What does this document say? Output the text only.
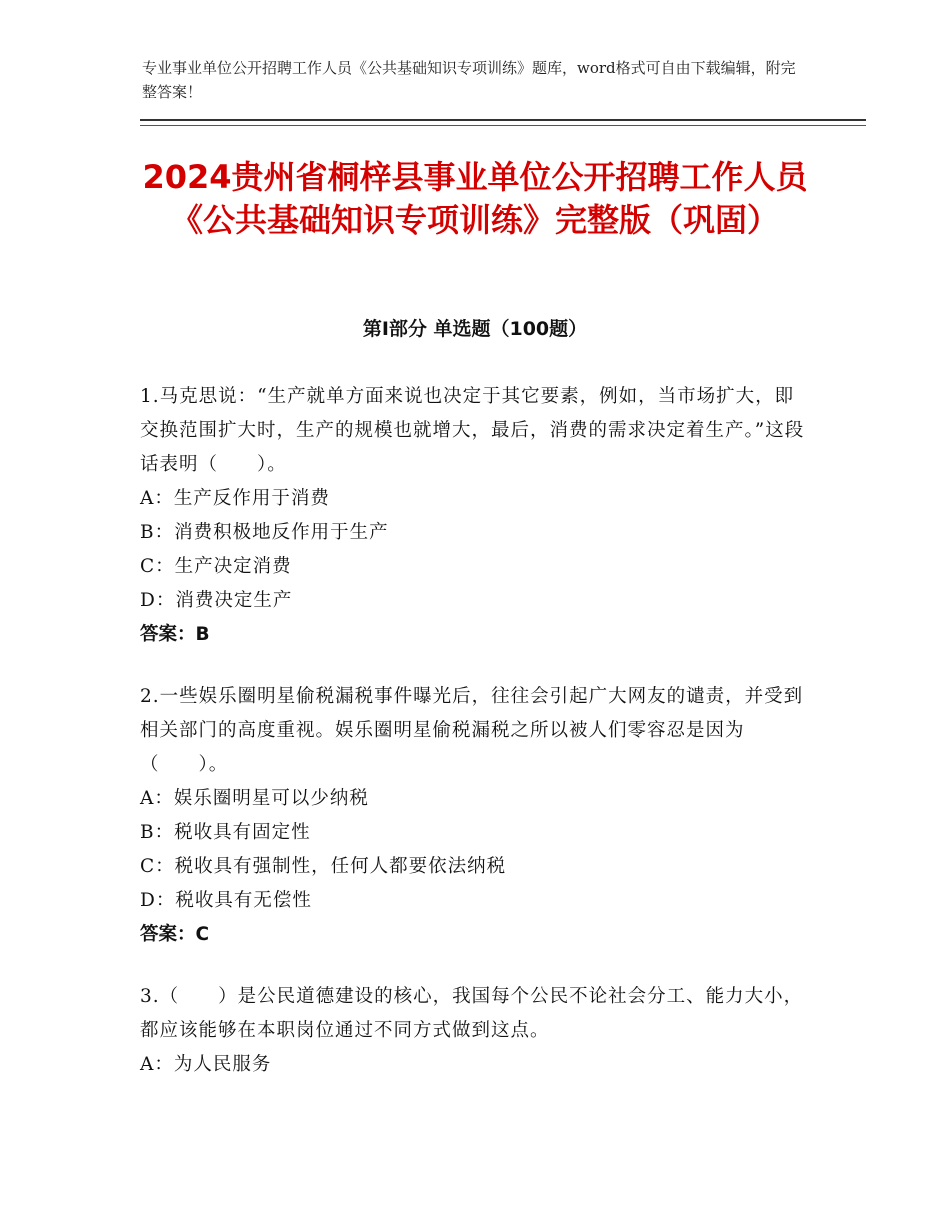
专业事业单位公开招聘工作人员《公共基础知识专项训练》题库，word格式可自由下载编辑，附完整答案！
2024贵州省桐梓县事业单位公开招聘工作人员《公共基础知识专项训练》完整版（巩固）
第Ⅰ部分 单选题（100题）
1.马克思说：“生产就单方面来说也决定于其它要素，例如，当市场扩大，即交换范围扩大时，生产的规模也就增大，最后，消费的需求决定着生产。”这段话表明（　　）。
A：生产反作用于消费
B：消费积极地反作用于生产
C：生产决定消费
D：消费决定生产
答案：B
2.一些娱乐圈明星偷税漏税事件曝光后，往往会引起广大网友的谴责，并受到相关部门的高度重视。娱乐圈明星偷税漏税之所以被人们零容忍是因为（　　）。
A：娱乐圈明星可以少纳税
B：税收具有固定性
C：税收具有强制性，任何人都要依法纳税
D：税收具有无偿性
答案：C
3.（　　）是公民道德建设的核心，我国每个公民不论社会分工、能力大小，都应该能够在本职岗位通过不同方式做到这点。
A：为人民服务
